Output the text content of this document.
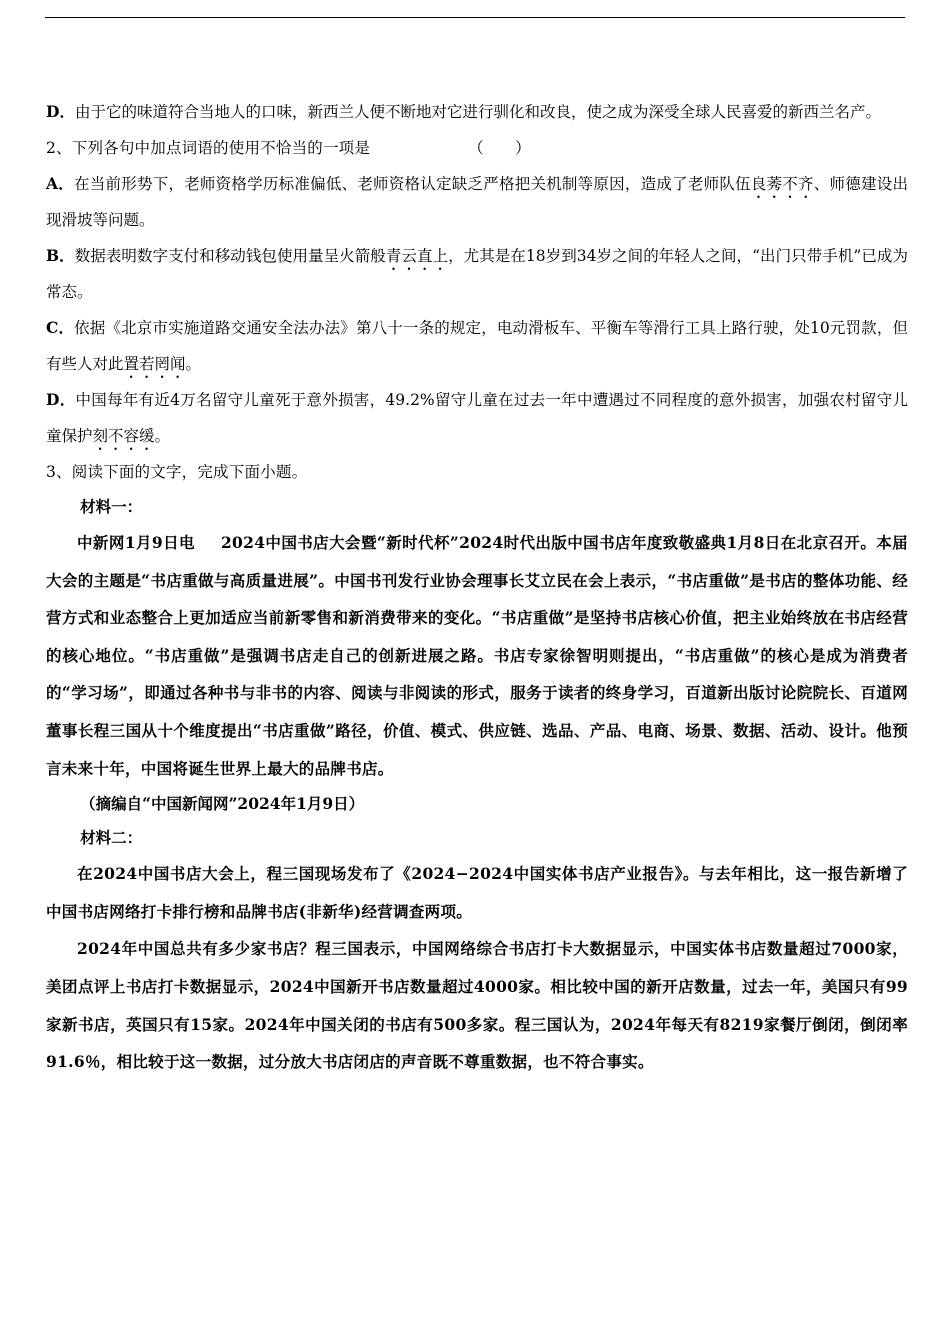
D．由于它的味道符合当地人的口味，新西兰人便不断地对它进行驯化和改良，使之成为深受全球人民喜爱的新西兰名产。
2、下列各句中加点词语的使用不恰当的一项是	（　　）
A．在当前形势下，老师资格学历标准偏低、老师资格认定缺乏严格把关机制等原因，造成了老师队伍良莠不齐、师德建设出现滑坡等问题。
B．数据表明数字支付和移动钱包使用量呈火箭般青云直上，尤其是在18岁到34岁之间的年轻人之间，“出门只带手机”已成为常态。
C．依据《北京市实施道路交通安全法办法》第八十一条的规定，电动滑板车、平衡车等滑行工具上路行驶，处10元罚款，但有些人对此置若罔闻。
D．中国每年有近4万名留守儿童死于意外损害，49.2%留守儿童在过去一年中遭遇过不同程度的意外损害，加强农村留守儿童保护刻不容缓。
3、阅读下面的文字，完成下面小题。
材料一：
中新网1月9日电 2024中国书店大会暨“新时代杯”2024时代出版中国书店年度致敬盛典1月8日在北京召开。本届大会的主题是“书店重做与高质量进展”。中国书刊发行业协会理事长艾立民在会上表示，“书店重做”是书店的整体功能、经营方式和业态整合上更加适应当前新零售和新消费带来的变化。“书店重做”是坚持书店核心价值，把主业始终放在书店经营的核心地位。“书店重做”是强调书店走自己的创新进展之路。书店专家徐智明则提出，“书店重做”的核心是成为消费者的“学习场”，即通过各种书与非书的内容、阅读与非阅读的形式，服务于读者的终身学习，百道新出版讨论院院长、百道网董事长程三国从十个维度提出“书店重做”路径，价值、模式、供应链、选品、产品、电商、场景、数据、活动、设计。他预言未来十年，中国将诞生世界上最大的品牌书店。
（摘编自“中国新闻网”2024年1月9日）
材料二：
在2024中国书店大会上，程三国现场发布了《2024−2024中国实体书店产业报告》。与去年相比，这一报告新增了中国书店网络打卡排行榜和品牌书店(非新华)经营调查两项。
2024年中国总共有多少家书店？程三国表示，中国网络综合书店打卡大数据显示，中国实体书店数量超过7000家，美团点评上书店打卡数据显示，2024中国新开书店数量超过4000家。相比较中国的新开店数量，过去一年，美国只有99家新书店，英国只有15家。2024年中国关闭的书店有500多家。程三国认为，2024年每天有8219家餐厅倒闭，倒闭率91.6％，相比较于这一数据，过分放大书店闭店的声音既不尊重数据，也不符合事实。
